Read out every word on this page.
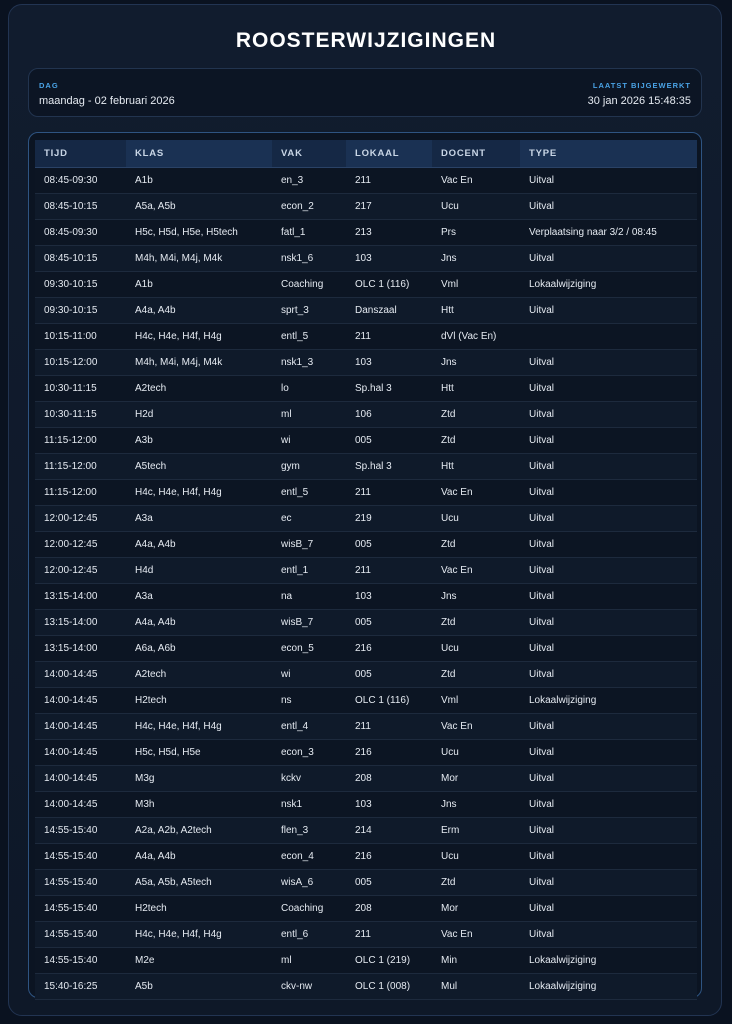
ROOSTERWIJZIGINGEN
DAG
maandag - 02 februari 2026
LAATST BIJGEWERKT
30 jan 2026 15:48:35
TIJD	KLAS	VAK	LOKAAL	DOCENT	TYPE
08:45-09:30	A1b	en_3	211	Vac En	Uitval
08:45-10:15	A5a, A5b	econ_2	217	Ucu	Uitval
08:45-09:30	H5c, H5d, H5e, H5tech	fatl_1	213	Prs	Verplaatsing naar 3/2 / 08:45
08:45-10:15	M4h, M4i, M4j, M4k	nsk1_6	103	Jns	Uitval
09:30-10:15	A1b	Coaching	OLC 1 (116)	Vml	Lokaalwijziging
09:30-10:15	A4a, A4b	sprt_3	Danszaal	Htt	Uitval
10:15-11:00	H4c, H4e, H4f, H4g	entl_5	211	dVl (Vac En)	
10:15-12:00	M4h, M4i, M4j, M4k	nsk1_3	103	Jns	Uitval
10:30-11:15	A2tech	lo	Sp.hal 3	Htt	Uitval
10:30-11:15	H2d	ml	106	Ztd	Uitval
11:15-12:00	A3b	wi	005	Ztd	Uitval
11:15-12:00	A5tech	gym	Sp.hal 3	Htt	Uitval
11:15-12:00	H4c, H4e, H4f, H4g	entl_5	211	Vac En	Uitval
12:00-12:45	A3a	ec	219	Ucu	Uitval
12:00-12:45	A4a, A4b	wisB_7	005	Ztd	Uitval
12:00-12:45	H4d	entl_1	211	Vac En	Uitval
13:15-14:00	A3a	na	103	Jns	Uitval
13:15-14:00	A4a, A4b	wisB_7	005	Ztd	Uitval
13:15-14:00	A6a, A6b	econ_5	216	Ucu	Uitval
14:00-14:45	A2tech	wi	005	Ztd	Uitval
14:00-14:45	H2tech	ns	OLC 1 (116)	Vml	Lokaalwijziging
14:00-14:45	H4c, H4e, H4f, H4g	entl_4	211	Vac En	Uitval
14:00-14:45	H5c, H5d, H5e	econ_3	216	Ucu	Uitval
14:00-14:45	M3g	kckv	208	Mor	Uitval
14:00-14:45	M3h	nsk1	103	Jns	Uitval
14:55-15:40	A2a, A2b, A2tech	flen_3	214	Erm	Uitval
14:55-15:40	A4a, A4b	econ_4	216	Ucu	Uitval
14:55-15:40	A5a, A5b, A5tech	wisA_6	005	Ztd	Uitval
14:55-15:40	H2tech	Coaching	208	Mor	Uitval
14:55-15:40	H4c, H4e, H4f, H4g	entl_6	211	Vac En	Uitval
14:55-15:40	M2e	ml	OLC 1 (219)	Min	Lokaalwijziging
15:40-16:25	A5b	ckv-nw	OLC 1 (008)	Mul	Lokaalwijziging
